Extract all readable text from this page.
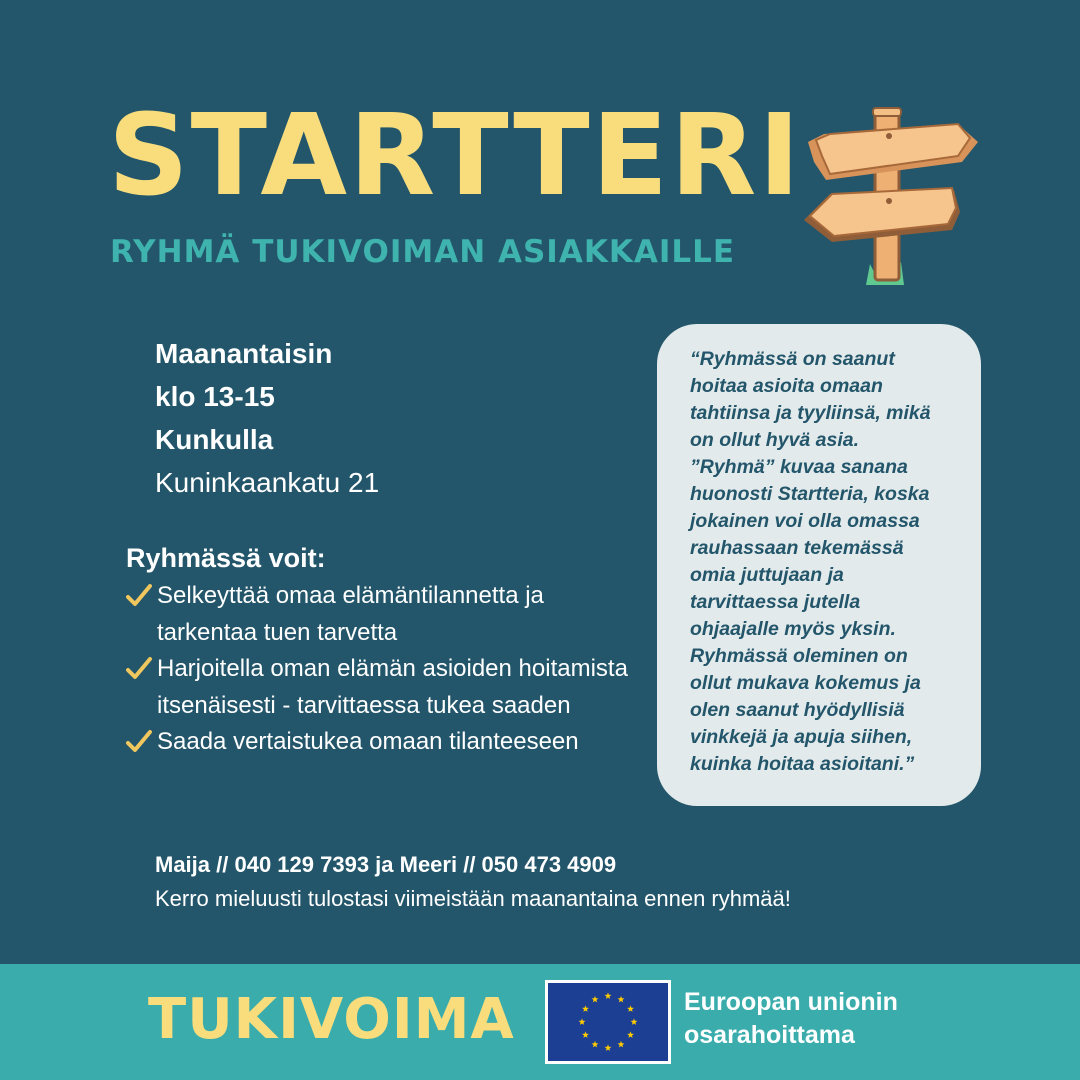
STARTTERI
RYHMÄ TUKIVOIMAN ASIAKKAILLE
Maanantaisin
klo 13-15
Kunkulla
Kuninkaankatu 21

Ryhmässä voit:

Selkeyttää omaa elämäntilannetta ja tarkentaa tuen tarvetta
Harjoitella oman elämän asioiden hoitamista itsenäisesti - tarvittaessa tukea saaden
Saada vertaistukea omaan tilanteeseen

“Ryhmässä on saanut
hoitaa asioita omaan
tahtiinsa ja tyyliinsä, mikä
on ollut hyvä asia.
”Ryhmä” kuvaa sanana
huonosti Startteria, koska
jokainen voi olla omassa
rauhassaan tekemässä
omia juttujaan ja
tarvittaessa jutella
ohjaajalle myös yksin.
Ryhmässä oleminen on
ollut mukava kokemus ja
olen saanut hyödyllisiä
vinkkejä ja apuja siihen,
kuinka hoitaa asioitani.”

Maija // 040 129 7393 ja Meeri // 050 473 4909
Kerro mieluusti tulostasi viimeistään maanantaina ennen ryhmää!
TUKIVOIMA	Euroopan unionin
osarahoittama
